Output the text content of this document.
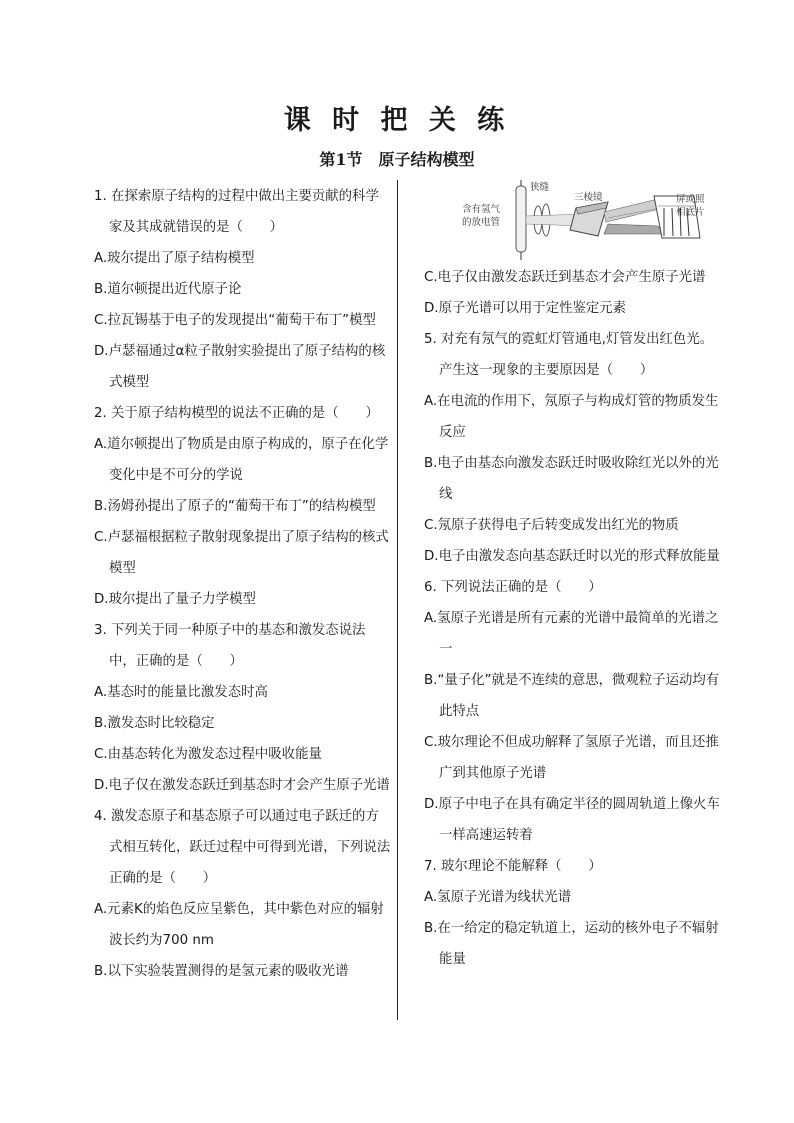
课 时 把 关 练
第1节　原子结构模型

1. 在探索原子结构的过程中做出主要贡献的科学家及其成就错误的是（　　）

A.玻尔提出了原子结构模型

B.道尔顿提出近代原子论

C.拉瓦锡基于电子的发现提出“葡萄干布丁”模型

D.卢瑟福通过α粒子散射实验提出了原子结构的核式模型

2. 关于原子结构模型的说法不正确的是（　　）

A.道尔顿提出了物质是由原子构成的，原子在化学变化中是不可分的学说

B.汤姆孙提出了原子的“葡萄干布丁”的结构模型

C.卢瑟福根据粒子散射现象提出了原子结构的核式模型

D.玻尔提出了量子力学模型

3. 下列关于同一种原子中的基态和激发态说法中，正确的是（　　）

A.基态时的能量比激发态时高

B.激发态时比较稳定

C.由基态转化为激发态过程中吸收能量

D.电子仅在激发态跃迁到基态时才会产生原子光谱

4. 激发态原子和基态原子可以通过电子跃迁的方式相互转化，跃迁过程中可得到光谱，下列说法正确的是（　　）

A.元素K的焰色反应呈紫色，其中紫色对应的辐射波长约为700 nm

B.以下实验装置测得的是氢元素的吸收光谱

含有氢气
的放电管
狭缝
三棱镜	屏或照
相底片

C.电子仅由激发态跃迁到基态才会产生原子光谱

D.原子光谱可以用于定性鉴定元素

5. 对充有氖气的霓虹灯管通电,灯管发出红色光。产生这一现象的主要原因是（　　）

A.在电流的作用下，氖原子与构成灯管的物质发生反应

B.电子由基态向激发态跃迁时吸收除红光以外的光线

C.氖原子获得电子后转变成发出红光的物质

D.电子由激发态向基态跃迁时以光的形式释放能量

6. 下列说法正确的是（　　）

A.氢原子光谱是所有元素的光谱中最简单的光谱之一

B.“量子化”就是不连续的意思，微观粒子运动均有此特点

C.玻尔理论不但成功解释了氢原子光谱，而且还推广到其他原子光谱

D.原子中电子在具有确定半径的圆周轨道上像火车一样高速运转着

7. 玻尔理论不能解释（　　）

A.氢原子光谱为线状光谱

B.在一给定的稳定轨道上，运动的核外电子不辐射能量
